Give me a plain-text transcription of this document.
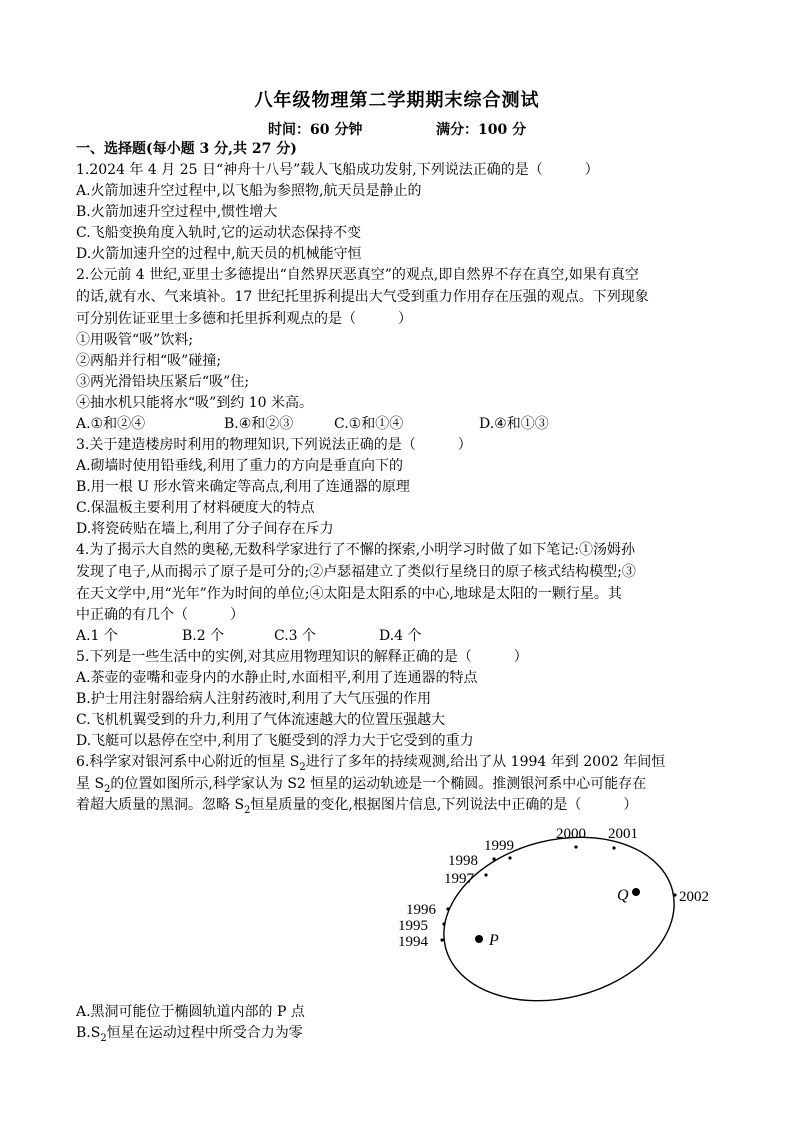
八年级物理第二学期期末综合测试
时间：60 分钟	满分：100 分
一、选择题(每小题 3 分,共 27 分)
1.2024 年 4 月 25 日“神舟十八号”载人飞船成功发射,下列说法正确的是（　　　）
A.火箭加速升空过程中,以飞船为参照物,航天员是静止的
B.火箭加速升空过程中,惯性增大
C.飞船变换角度入轨时,它的运动状态保持不变
D.火箭加速升空的过程中,航天员的机械能守恒
2.公元前 4 世纪,亚里士多德提出“自然界厌恶真空”的观点,即自然界不存在真空,如果有真空
的话,就有水、气来填补。17 世纪托里拆利提出大气受到重力作用存在压强的观点。下列现象
可分别佐证亚里士多德和托里拆利观点的是（　　　）
①用吸管“吸”饮料;
②两船并行相“吸”碰撞;
③两光滑铅块压紧后“吸”住;
④抽水机只能将水“吸”到约 10 米高。
A.①和②④	B.④和②③	C.①和①④	D.④和①③
3.关于建造楼房时利用的物理知识,下列说法正确的是（　　　）
A.砌墙时使用铅垂线,利用了重力的方向是垂直向下的
B.用一根 U 形水管来确定等高点,利用了连通器的原理
C.保温板主要利用了材料硬度大的特点
D.将瓷砖贴在墙上,利用了分子间存在斥力
4.为了揭示大自然的奥秘,无数科学家进行了不懈的探索,小明学习时做了如下笔记:①汤姆孙
发现了电子,从而揭示了原子是可分的;②卢瑟福建立了类似行星绕日的原子核式结构模型;③
在天文学中,用“光年”作为时间的单位;④太阳是太阳系的中心,地球是太阳的一颗行星。其
中正确的有几个（　　　）
A.1 个	B.2 个	C.3 个	D.4 个
5.下列是一些生活中的实例,对其应用物理知识的解释正确的是（　　　）
A.茶壶的壶嘴和壶身内的水静止时,水面相平,利用了连通器的特点
B.护士用注射器给病人注射药液时,利用了大气压强的作用
C.飞机机翼受到的升力,利用了气体流速越大的位置压强越大
D.飞艇可以悬停在空中,利用了飞艇受到的浮力大于它受到的重力
6.科学家对银河系中心附近的恒星 $S_2$进行了多年的持续观测,给出了从 1994 年到 2002 年间恒
星 $S_2$的位置如图所示,科学家认为 S2 恒星的运动轨迹是一个椭圆。推测银河系中心可能存在
着超大质量的黑洞。忽略 $S_2$恒星质量的变化,根据图片信息,下列说法中正确的是（　　　）
1994
1995
1996
1997
1998
1999
2000 2001
2002
P
Q
A.黑洞可能位于椭圆轨道内部的 P 点
$B.S_2$恒星在运动过程中所受合力为零
